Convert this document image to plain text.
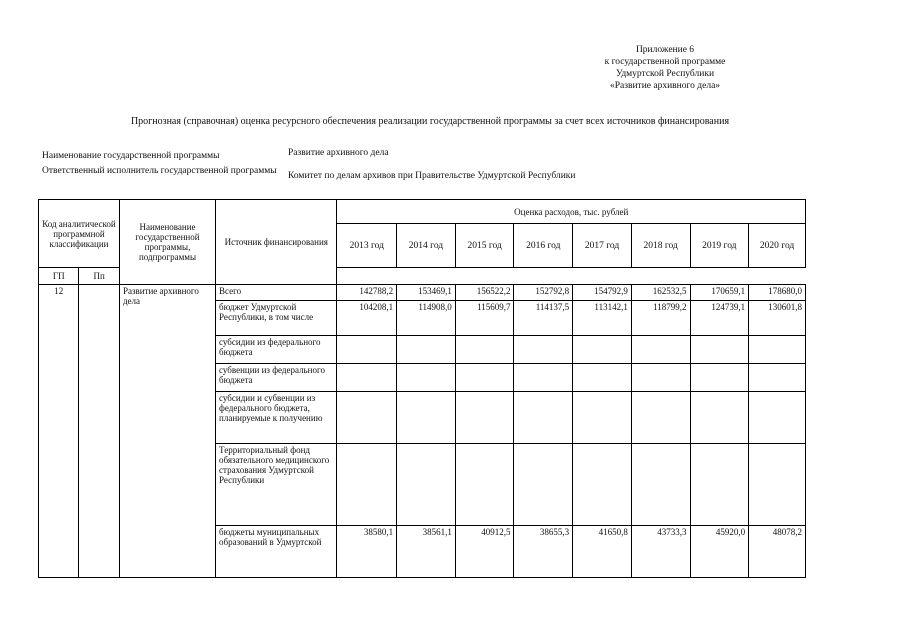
Приложение 6
к государственной программе
Удмуртской Республики
«Развитие архивного дела»
Прогнозная (справочная) оценка ресурсного обеспечения реализации государственной программы за счет всех источников финансирования
Наименование государственной программы	Развитие архивного дела
Ответственный исполнитель государственной программы	Комитет по делам архивов при Правительстве Удмуртской Республики
Код аналитической программной классификации		Наименование государственной программы, подпрограммы	Источник финансирования	Оценка расходов, тыс. рублей							
				2013 год	2014 год	2015 год	2016 год	2017 год	2018 год	2019 год	2020 год
ГП	Пп										
12		Развитие архивного дела	Всего	142788,2	153469,1	156522,2	152792,8	154792,9	162532,5	170659,1	178680,0
			бюджет Удмуртской Республики, в том числе	104208,1	114908,0	115609,7	114137,5	113142,1	118799,2	124739,1	130601,8
			субсидии из федерального бюджета								
			субвенции из федерального бюджета								
			субсидии и субвенции из федерального бюджета, планируемые к получению								
			Территориальный фонд обязательного медицинского страхования Удмуртской Республики								
			бюджеты муниципальных образований в Удмуртской	38580,1	38561,1	40912,5	38655,3	41650,8	43733,3	45920,0	48078,2
